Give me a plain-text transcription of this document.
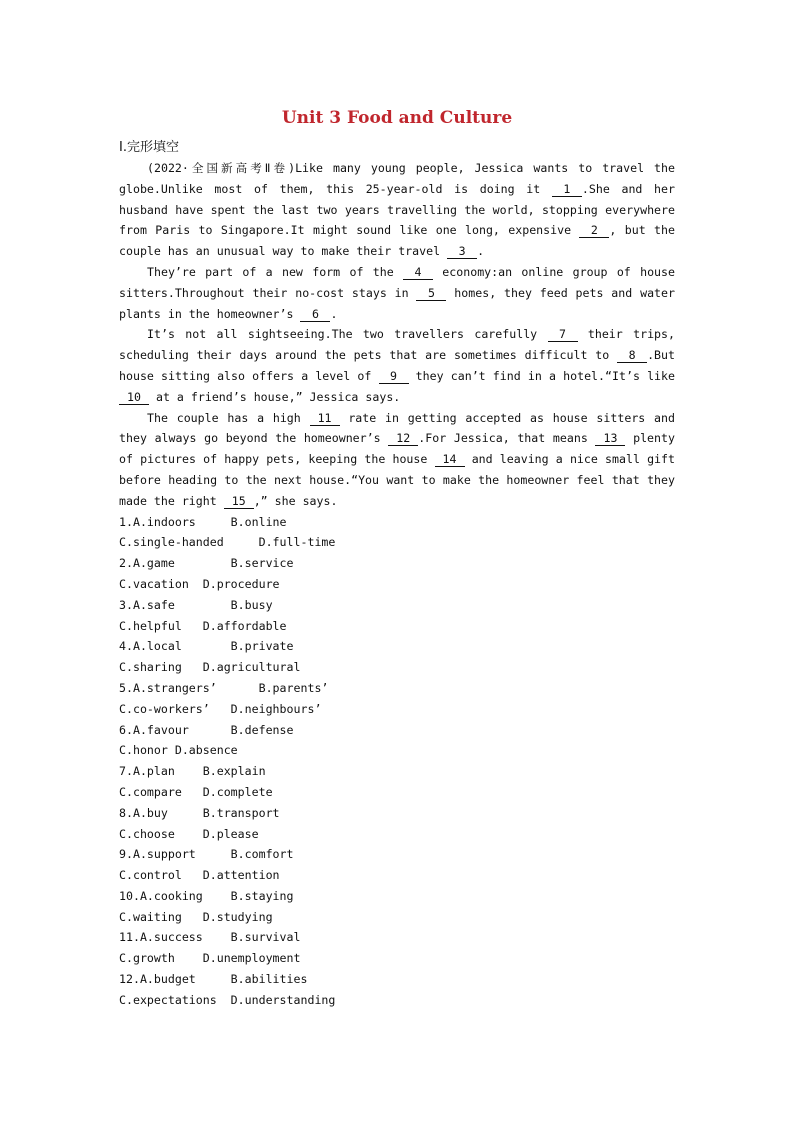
Unit 3 Food and Culture
Ⅰ.完形填空

(2022·全国新高考Ⅱ卷)Like many young people, Jessica wants to travel the globe.Unlike most of them, this 25-year-old is doing it 1 .She and her husband have spent the last two years travelling the world, stopping everywhere from Paris to Singapore.It might sound like one long, expensive 2 , but the couple has an unusual way to make their travel 3 .

They’re part of a new form of the 4 economy:an online group of house sitters.Throughout their no-cost stays in 5 homes, they feed pets and water plants in the homeowner’s 6 .

It’s not all sightseeing.The two travellers carefully 7 their trips, scheduling their days around the pets that are sometimes difficult to 8 .But house sitting also offers a level of 9 they can’t find in a hotel.“It’s like 10 at a friend’s house,” Jessica says.

The couple has a high 11 rate in getting accepted as house sitters and they always go beyond the homeowner’s 12 .For Jessica, that means 13 plenty of pictures of happy pets, keeping the house 14 and leaving a nice small gift before heading to the next house.“You want to make the homeowner feel that they made the right 15 ,” she says.

1.A.indoors     B.online
C.single-handed     D.full-time
2.A.game        B.service
C.vacation  D.procedure
3.A.safe        B.busy
C.helpful   D.affordable
4.A.local       B.private
C.sharing   D.agricultural
5.A.strangers’      B.parents’
C.co-workers’   D.neighbours’
6.A.favour      B.defense
C.honor D.absence
7.A.plan    B.explain
C.compare   D.complete
8.A.buy     B.transport
C.choose    D.please
9.A.support     B.comfort
C.control   D.attention
10.A.cooking    B.staying
C.waiting   D.studying
11.A.success    B.survival
C.growth    D.unemployment
12.A.budget     B.abilities
C.expectations  D.understanding
